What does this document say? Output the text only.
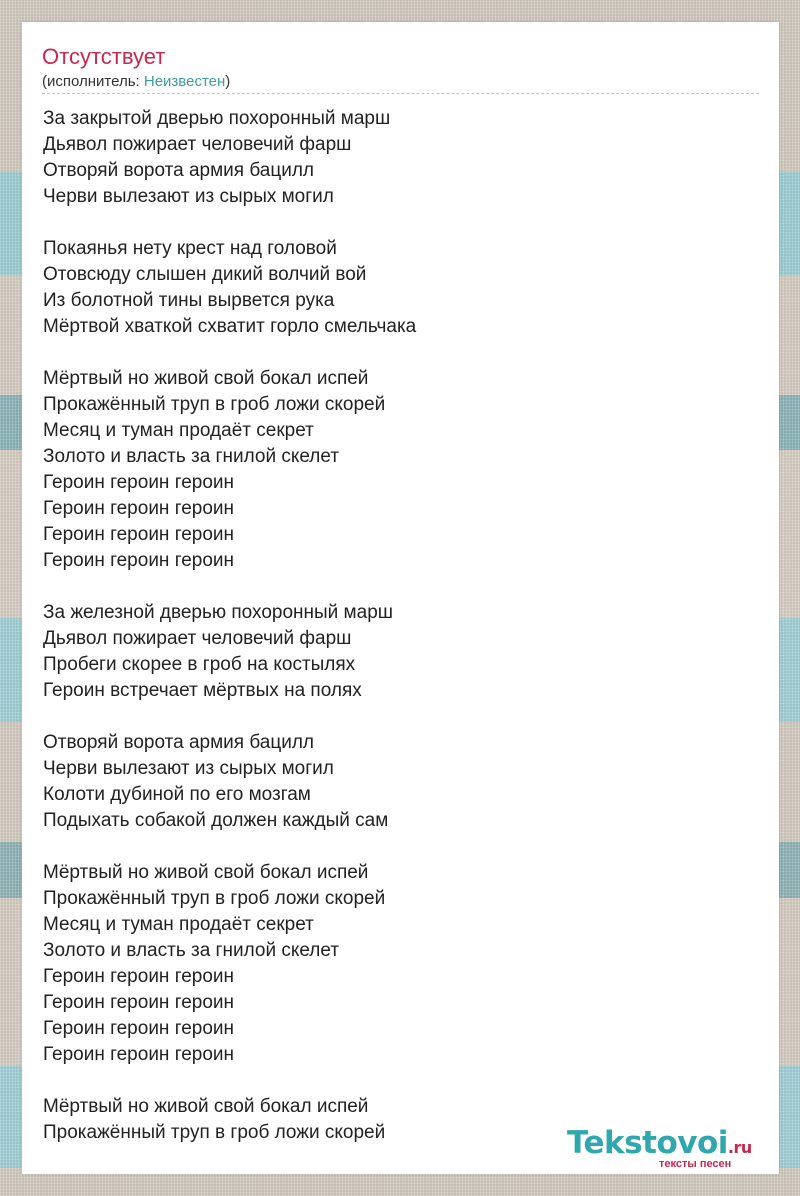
Отсутствует
(исполнитель: Неизвестен)
За закрытой дверью похоронный марш
Дьявол пожирает человечий фарш
Отворяй ворота армия бацилл
Черви вылезают из сырых могил
Покаянья нету крест над головой
Отовсюду слышен дикий волчий вой
Из болотной тины вырвется рука
Мёртвой хваткой схватит горло смельчака
Мёртвый но живой свой бокал испей
Прокажённый труп в гроб ложи скорей
Месяц и туман продаёт секрет
Золото и власть за гнилой скелет
Героин героин героин
Героин героин героин
Героин героин героин
Героин героин героин
За железной дверью похоронный марш
Дьявол пожирает человечий фарш
Пробеги скорее в гроб на костылях
Героин встречает мёртвых на полях
Отворяй ворота армия бацилл
Черви вылезают из сырых могил
Колоти дубиной по его мозгам
Подыхать собакой должен каждый сам
Мёртвый но живой свой бокал испей
Прокажённый труп в гроб ложи скорей
Месяц и туман продаёт секрет
Золото и власть за гнилой скелет
Героин героин героин
Героин героин героин
Героин героин героин
Героин героин героин
Мёртвый но живой свой бокал испей
Прокажённый труп в гроб ложи скорей	Tekstovoi.ru
тексты песен
